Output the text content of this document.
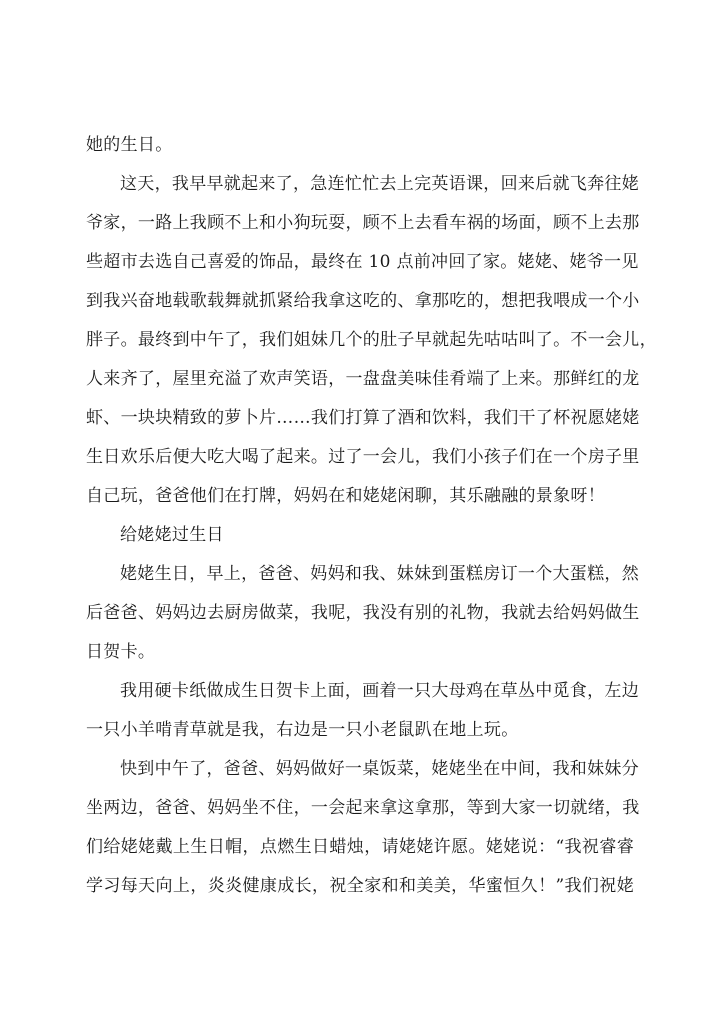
她的生日。
这天，我早早就起来了，急连忙忙去上完英语课，回来后就飞奔往姥
爷家，一路上我顾不上和小狗玩耍，顾不上去看车祸的场面，顾不上去那
些超市去选自己喜爱的饰品，最终在 10 点前冲回了家。姥姥、姥爷一见
到我兴奋地载歌载舞就抓紧给我拿这吃的、拿那吃的，想把我喂成一个小
胖子。最终到中午了，我们姐妹几个的肚子早就起先咕咕叫了。不一会儿，
人来齐了，屋里充溢了欢声笑语，一盘盘美味佳肴端了上来。那鲜红的龙
虾、一块块精致的萝卜片……我们打算了酒和饮料，我们干了杯祝愿姥姥
生日欢乐后便大吃大喝了起来。过了一会儿，我们小孩子们在一个房子里
自己玩，爸爸他们在打牌，妈妈在和姥姥闲聊，其乐融融的景象呀！
给姥姥过生日
姥姥生日，早上，爸爸、妈妈和我、妹妹到蛋糕房订一个大蛋糕，然
后爸爸、妈妈边去厨房做菜，我呢，我没有别的礼物，我就去给妈妈做生
日贺卡。
我用硬卡纸做成生日贺卡上面，画着一只大母鸡在草丛中觅食，左边
一只小羊啃青草就是我，右边是一只小老鼠趴在地上玩。
快到中午了，爸爸、妈妈做好一桌饭菜，姥姥坐在中间，我和妹妹分
坐两边，爸爸、妈妈坐不住，一会起来拿这拿那，等到大家一切就绪，我
们给姥姥戴上生日帽，点燃生日蜡烛，请姥姥许愿。姥姥说：“我祝睿睿
学习每天向上，炎炎健康成长，祝全家和和美美，华蜜恒久！”我们祝姥
